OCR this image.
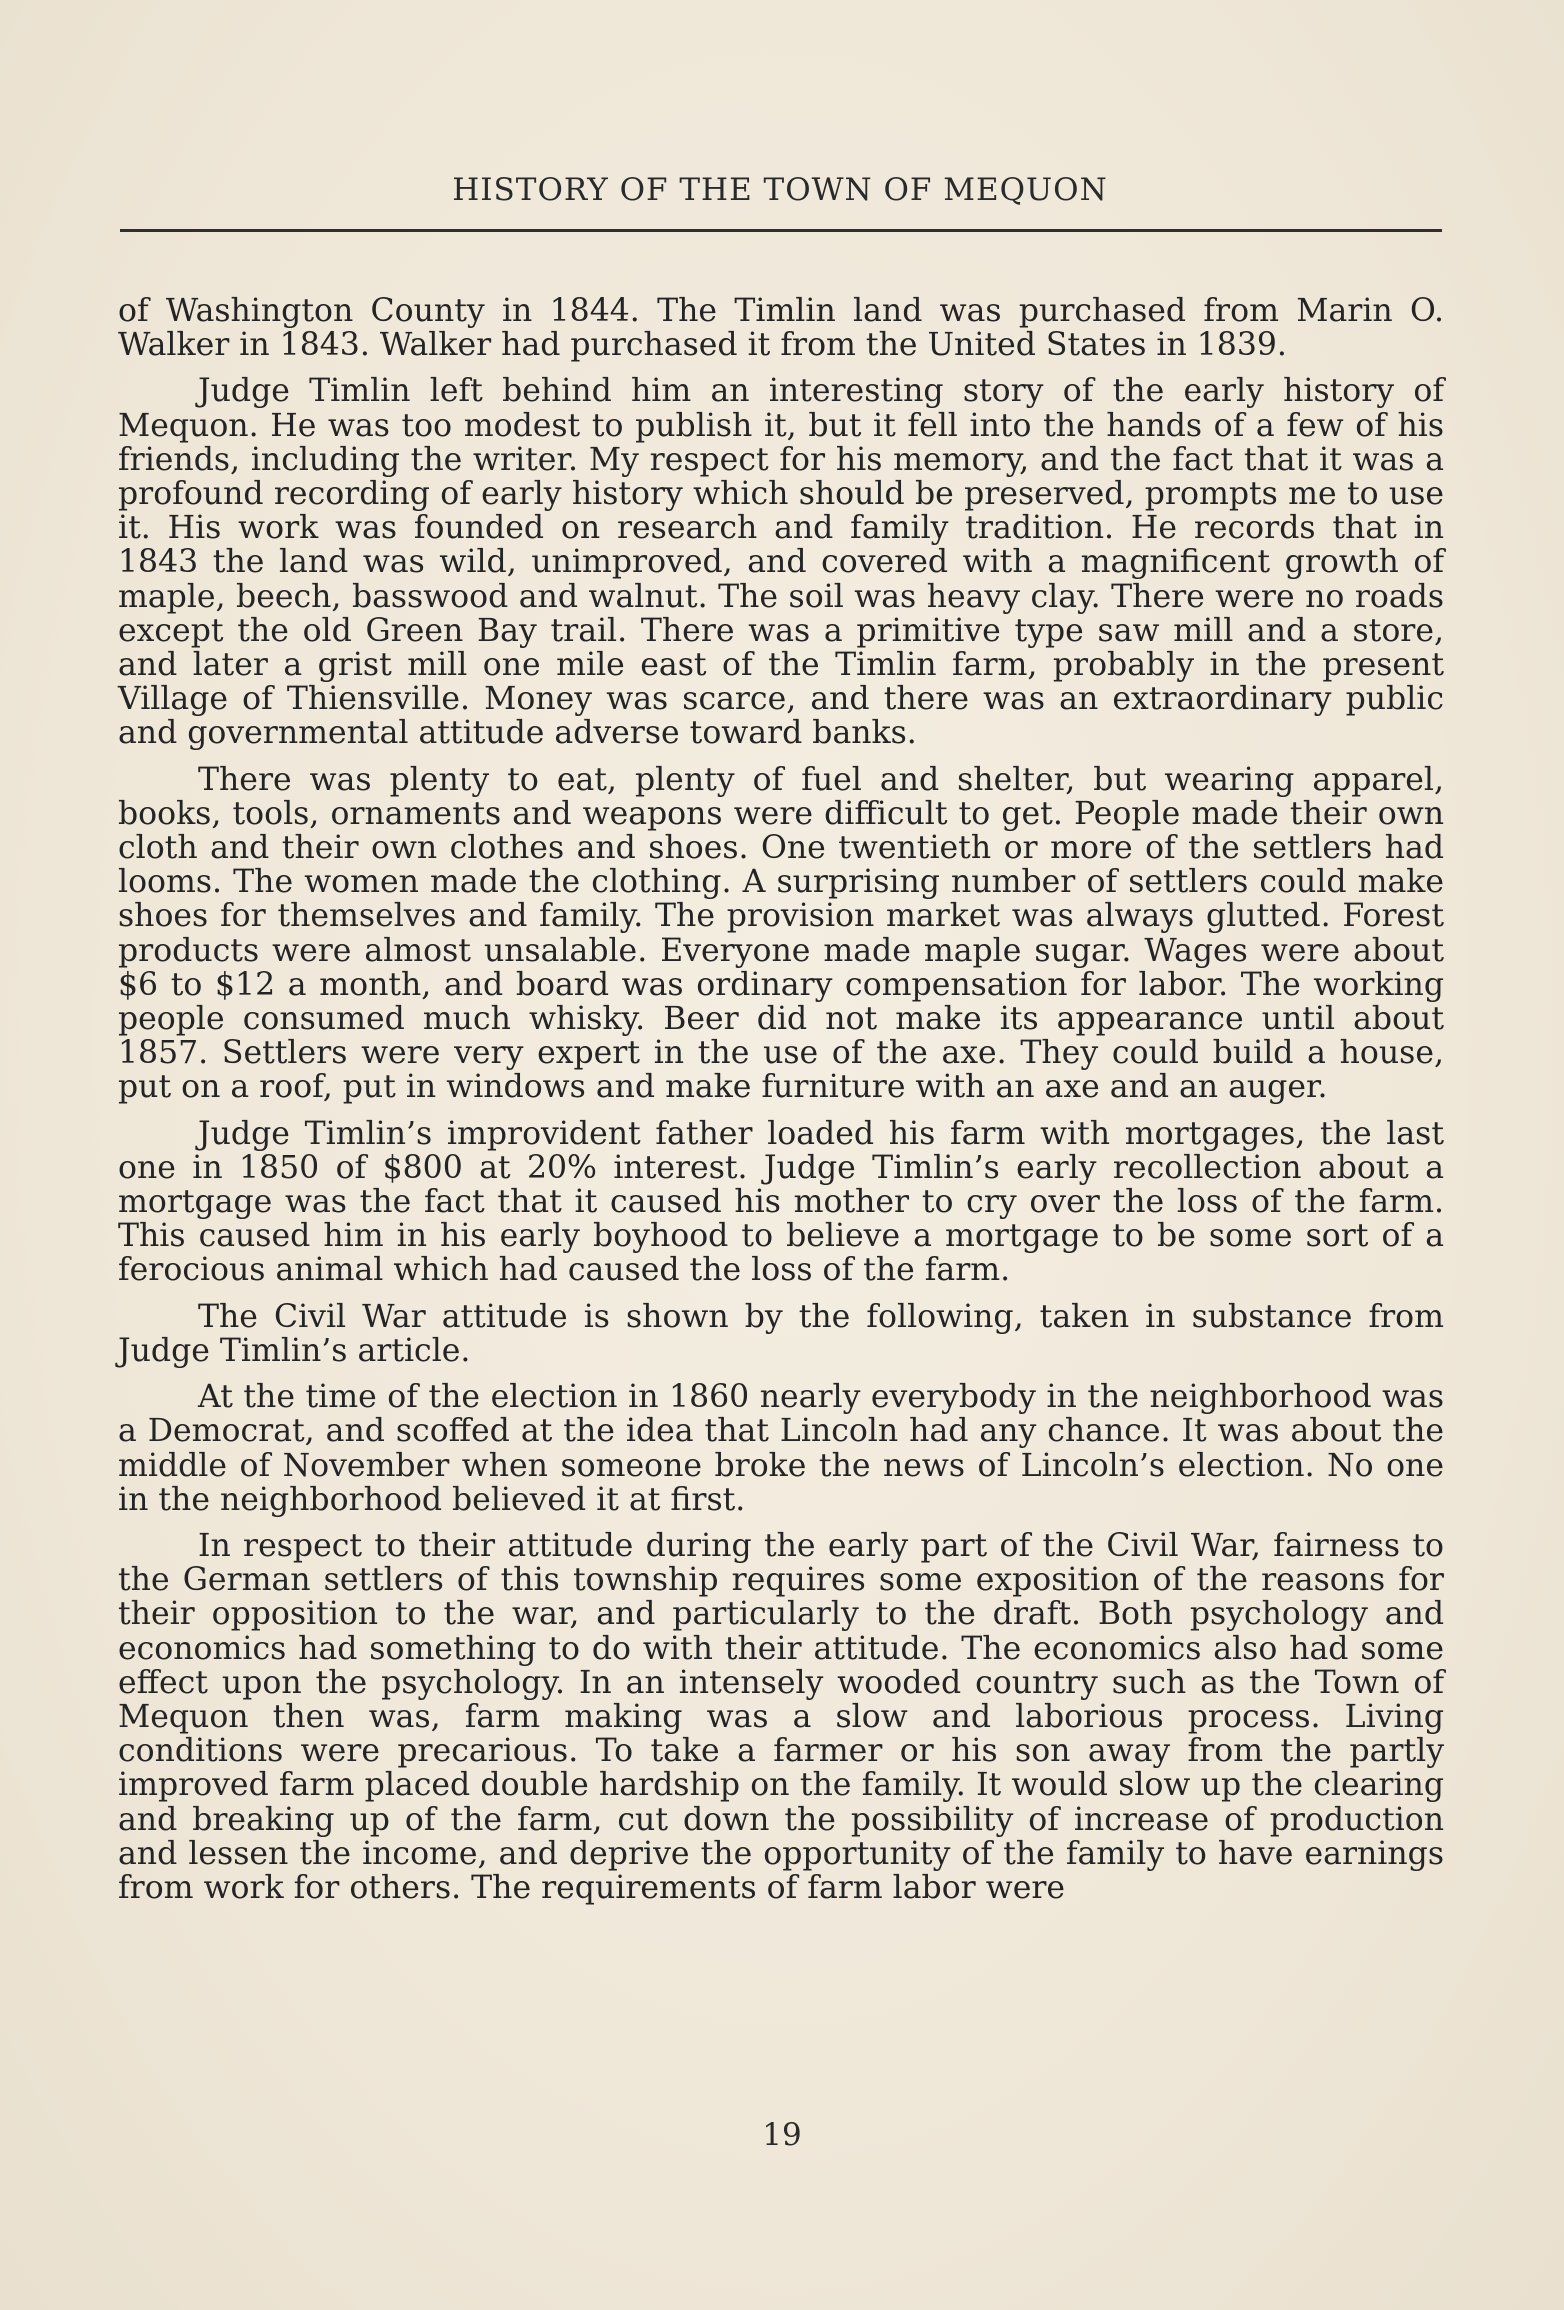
HISTORY OF THE TOWN OF MEQUON

of Washington County in 1844. The Timlin land was purchased from Marin O. Walker in 1843. Walker had purchased it from the United States in 1839.

Judge Timlin left behind him an interesting story of the early history of Mequon. He was too modest to publish it, but it fell into the hands of a few of his friends, including the writer. My respect for his memory, and the fact that it was a profound recording of early history which should be preserved, prompts me to use it. His work was founded on research and family tradition. He records that in 1843 the land was wild, unimproved, and covered with a magnificent growth of maple, beech, basswood and walnut. The soil was heavy clay. There were no roads except the old Green Bay trail. There was a primitive type saw mill and a store, and later a grist mill one mile east of the Timlin farm, probably in the present Village of Thiensville. Money was scarce, and there was an extraordinary public and governmental attitude adverse toward banks.

There was plenty to eat, plenty of fuel and shelter, but wearing apparel, books, tools, ornaments and weapons were difficult to get. People made their own cloth and their own clothes and shoes. One twentieth or more of the settlers had looms. The women made the clothing. A surprising number of settlers could make shoes for themselves and family. The provision market was always glutted. Forest products were almost unsalable. Everyone made maple sugar. Wages were about $6 to $12 a month, and board was ordinary compensation for labor. The working people consumed much whisky. Beer did not make its appearance until about 1857. Settlers were very expert in the use of the axe. They could build a house, put on a roof, put in windows and make furniture with an axe and an auger.

Judge Timlin’s improvident father loaded his farm with mortgages, the last one in 1850 of $800 at 20% interest. Judge Timlin’s early recollection about a mortgage was the fact that it caused his mother to cry over the loss of the farm. This caused him in his early boyhood to believe a mortgage to be some sort of a ferocious animal which had caused the loss of the farm.

The Civil War attitude is shown by the following, taken in substance from Judge Timlin’s article.

At the time of the election in 1860 nearly everybody in the neighborhood was a Democrat, and scoffed at the idea that Lincoln had any chance. It was about the middle of November when someone broke the news of Lincoln’s election. No one in the neighborhood believed it at first.

In respect to their attitude during the early part of the Civil War, fairness to the German settlers of this township requires some exposition of the reasons for their opposition to the war, and particularly to the draft. Both psychology and economics had something to do with their attitude. The economics also had some effect upon the psychology. In an intensely wooded country such as the Town of Mequon then was, farm making was a slow and laborious process. Living conditions were precarious. To take a farmer or his son away from the partly improved farm placed double hardship on the family. It would slow up the clearing and breaking up of the farm, cut down the possibility of increase of production and lessen the income, and deprive the opportunity of the family to have earnings from work for others. The requirements of farm labor were

19
